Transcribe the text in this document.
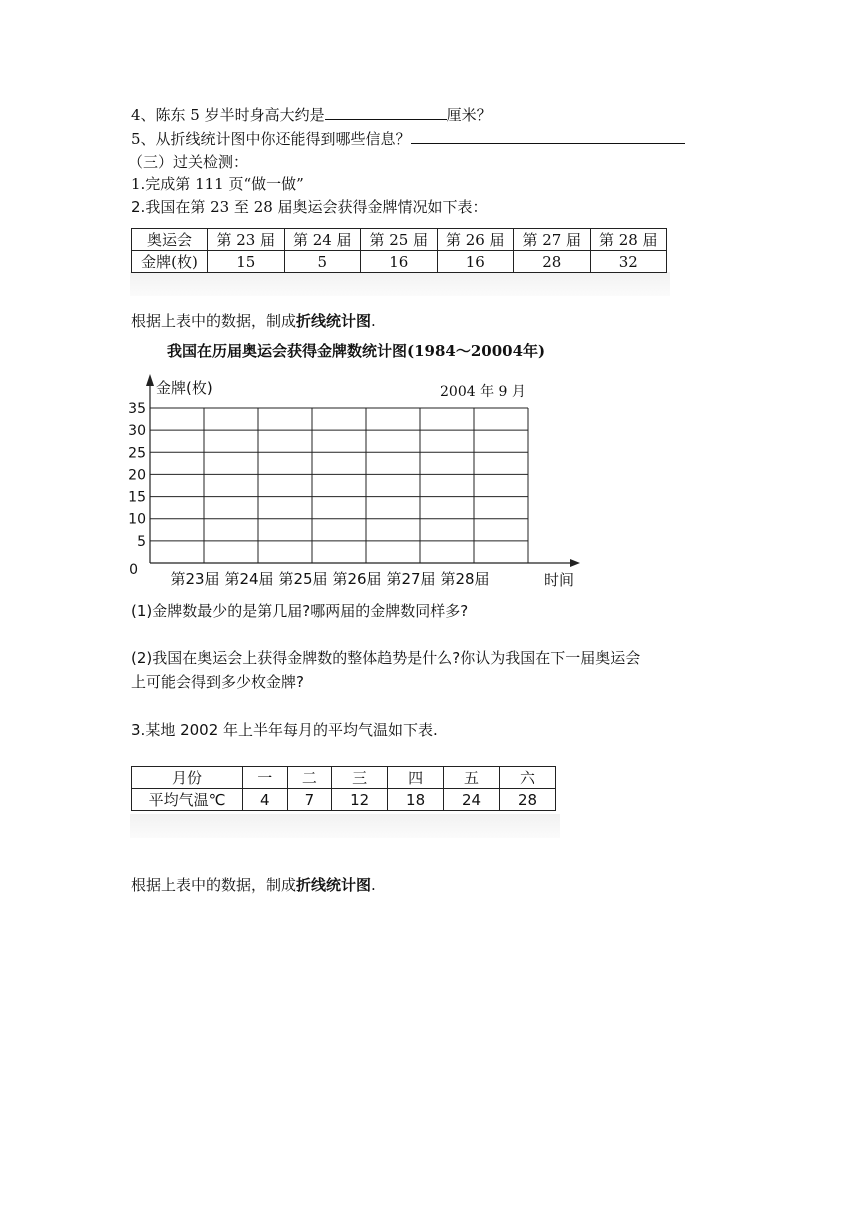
4、陈东 5 岁半时身高大约是	厘米？
5、从折线统计图中你还能得到哪些信息？
（三）过关检测：
1.完成第 111 页“做一做”
2.我国在第 23 至 28 届奥运会获得金牌情况如下表：
奥运会	第 23 届	第 24 届	第 25 届	第 26 届	第 27 届	第 28 届
金牌(枚)	15	5	16	16	28	32
根据上表中的数据，制成折线统计图.
我国在历届奥运会获得金牌数统计图(1984～20004年)
0
5
10
15
20
25
30
35
金牌(枚)	2004 年 9 月
第23届 第24届 第25届 第26届 第27届 第28届	时间
(1)金牌数最少的是第几届?哪两届的金牌数同样多?
(2)我国在奥运会上获得金牌数的整体趋势是什么?你认为我国在下一届奥运会
上可能会得到多少枚金牌?
3.某地 2002 年上半年每月的平均气温如下表.
月份	一	二	三	四	五	六
平均气温℃	4	7	12	18	24	28
根据上表中的数据，制成折线统计图.
